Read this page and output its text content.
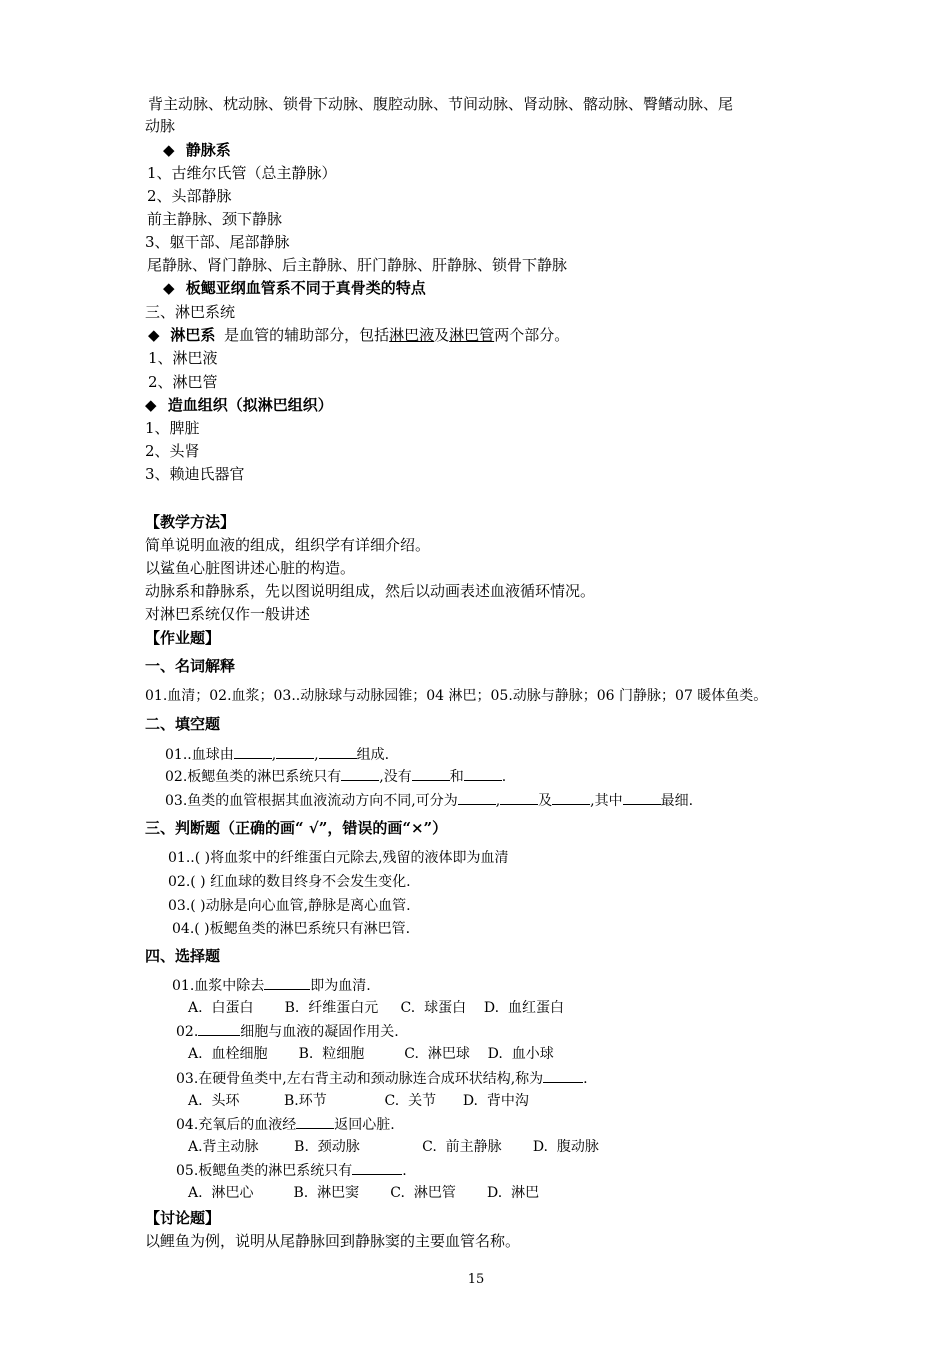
背主动脉、枕动脉、锁骨下动脉、腹腔动脉、节间动脉、肾动脉、髂动脉、臀鳍动脉、尾
动脉
◆ 静脉系
1、古维尔氏管（总主静脉）
2、头部静脉
前主静脉、颈下静脉
3、躯干部、尾部静脉
尾静脉、肾门静脉、后主静脉、肝门静脉、肝静脉、锁骨下静脉
◆ 板鳃亚纲血管系不同于真骨类的特点
三、淋巴系统
◆ 淋巴系 是血管的辅助部分，包括淋巴液及淋巴管两个部分。
1、淋巴液
2、淋巴管
◆ 造血组织（拟淋巴组织）
1、脾脏
2、头肾
3、赖迪氏器官
【教学方法】
简单说明血液的组成，组织学有详细介绍。
以鲨鱼心脏图讲述心脏的构造。
动脉系和静脉系，先以图说明组成，然后以动画表述血液循环情况。
对淋巴系统仅作一般讲述
【作业题】
一、名词解释
01.血清；02.血浆；03..动脉球与动脉园锥；04 淋巴；05.动脉与静脉；06 门静脉；07 暖体鱼类。
二、填空题
01..血球由	,	,	组成.
02.板鳃鱼类的淋巴系统只有	,没有	和	.
03.鱼类的血管根据其血液流动方向不同,可分为	,	及	,其中	最细.
三、判断题（正确的画“ √”，错误的画“×”）
01..( )将血浆中的纤维蛋白元除去,残留的液体即为血清
02.( ) 红血球的数目终身不会发生变化.
03.( )动脉是向心血管,静脉是离心血管.
04.( )板鳃鱼类的淋巴系统只有淋巴管.
四、选择题
01.血浆中除去	即为血清.
A.  白蛋白       B.  纤维蛋白元     C.  球蛋白    D.  血红蛋白
02.	细胞与血液的凝固作用关.
A.  血栓细胞       B.  粒细胞         C.  淋巴球    D.  血小球
03.在硬骨鱼类中,左右背主动和颈动脉连合成环状结构,称为	.
A.  头环          B.环节             C.  关节      D.  背中沟
04.充氧后的血液经	返回心脏.
A.背主动脉        B.  颈动脉              C.  前主静脉       D.  腹动脉
05.板鳃鱼类的淋巴系统只有	.
A.  淋巴心         B.  淋巴窦       C.  淋巴管       D.  淋巴
【讨论题】
以鲤鱼为例，说明从尾静脉回到静脉窦的主要血管名称。
15
